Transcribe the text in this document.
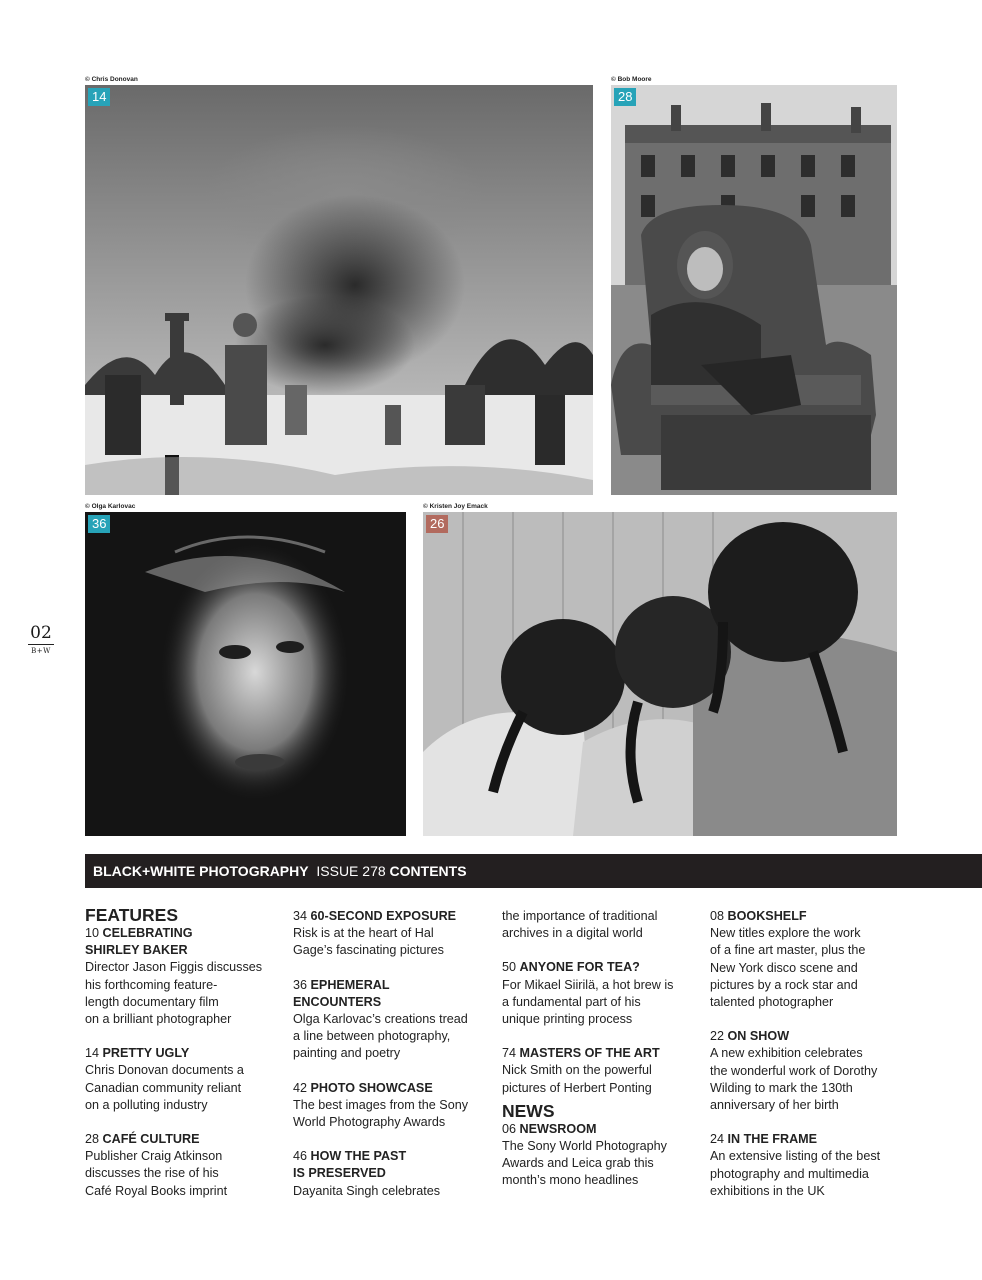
© Chris Donovan
14
© Bob Moore
28
© Olga Karlovac
36
© Kristen Joy Emack
26
02
B+W
BLACK+WHITE PHOTOGRAPHY ISSUE 278 CONTENTS

FEATURES

10 CELEBRATING

SHIRLEY BAKER

Director Jason Figgis discusses

his forthcoming feature-

length documentary film

on a brilliant photographer

14 PRETTY UGLY

Chris Donovan documents a

Canadian community reliant

on a polluting industry

28 CAFÉ CULTURE

Publisher Craig Atkinson

discusses the rise of his

Café Royal Books imprint

34 60-SECOND EXPOSURE

Risk is at the heart of Hal

Gage’s fascinating pictures

36 EPHEMERAL

ENCOUNTERS

Olga Karlovac’s creations tread

a line between photography,

painting and poetry

42 PHOTO SHOWCASE

The best images from the Sony

World Photography Awards

46 HOW THE PAST

IS PRESERVED

Dayanita Singh celebrates

the importance of traditional

archives in a digital world

50 ANYONE FOR TEA?

For Mikael Siirilä, a hot brew is

a fundamental part of his

unique printing process

74 MASTERS OF THE ART

Nick Smith on the powerful

pictures of Herbert Ponting

NEWS

06 NEWSROOM

The Sony World Photography

Awards and Leica grab this

month’s mono headlines

08 BOOKSHELF

New titles explore the work

of a fine art master, plus the

New York disco scene and

pictures by a rock star and

talented photographer

22 ON SHOW

A new exhibition celebrates

the wonderful work of Dorothy

Wilding to mark the 130th

anniversary of her birth

24 IN THE FRAME

An extensive listing of the best

photography and multimedia

exhibitions in the UK
